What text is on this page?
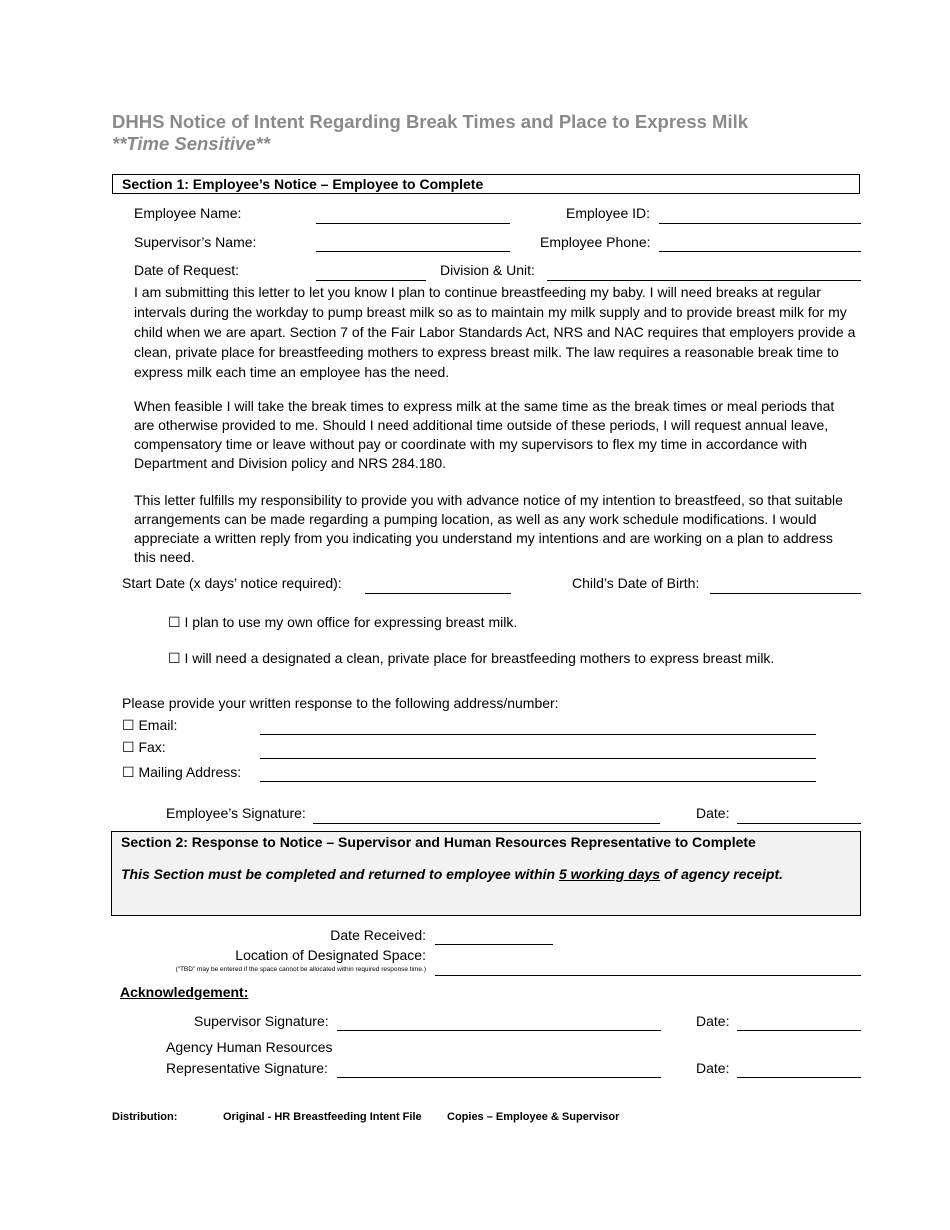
DHHS Notice of Intent Regarding Break Times and Place to Express Milk
**Time Sensitive**
Section 1: Employee’s Notice – Employee to Complete
Employee Name:	Employee ID:
Supervisor’s Name:	Employee Phone:
Date of Request:	Division & Unit:
I am submitting this letter to let you know I plan to continue breastfeeding my baby. I will need breaks at regular intervals during the workday to pump breast milk so as to maintain my milk supply and to provide breast milk for my child when we are apart. Section 7 of the Fair Labor Standards Act, NRS and NAC requires that employers provide a clean, private place for breastfeeding mothers to express breast milk. The law requires a reasonable break time to express milk each time an employee has the need.
When feasible I will take the break times to express milk at the same time as the break times or meal periods that are otherwise provided to me. Should I need additional time outside of these periods, I will request annual leave, compensatory time or leave without pay or coordinate with my supervisors to flex my time in accordance with Department and Division policy and NRS 284.180.
This letter fulfills my responsibility to provide you with advance notice of my intention to breastfeed, so that suitable arrangements can be made regarding a pumping location, as well as any work schedule modifications. I would appreciate a written reply from you indicating you understand my intentions and are working on a plan to address this need.
Start Date (x days’ notice required):	Child’s Date of Birth:
☐ I plan to use my own office for expressing breast milk.
☐ I will need a designated a clean, private place for breastfeeding mothers to express breast milk.
Please provide your written response to the following address/number:
☐ Email:
☐ Fax:
☐ Mailing Address:
Employee’s Signature:	Date:
Section 2: Response to Notice – Supervisor and Human Resources Representative to Complete
This Section must be completed and returned to employee within 5 working days of agency receipt.
Date Received:
Location of Designated Space:
(“TBD” may be entered if the space cannot be allocated within required response time.)
Acknowledgement:
Supervisor Signature:	Date:
Agency Human Resources
Representative Signature:	Date:
Distribution:	Original - HR Breastfeeding Intent File Copies – Employee & Supervisor
